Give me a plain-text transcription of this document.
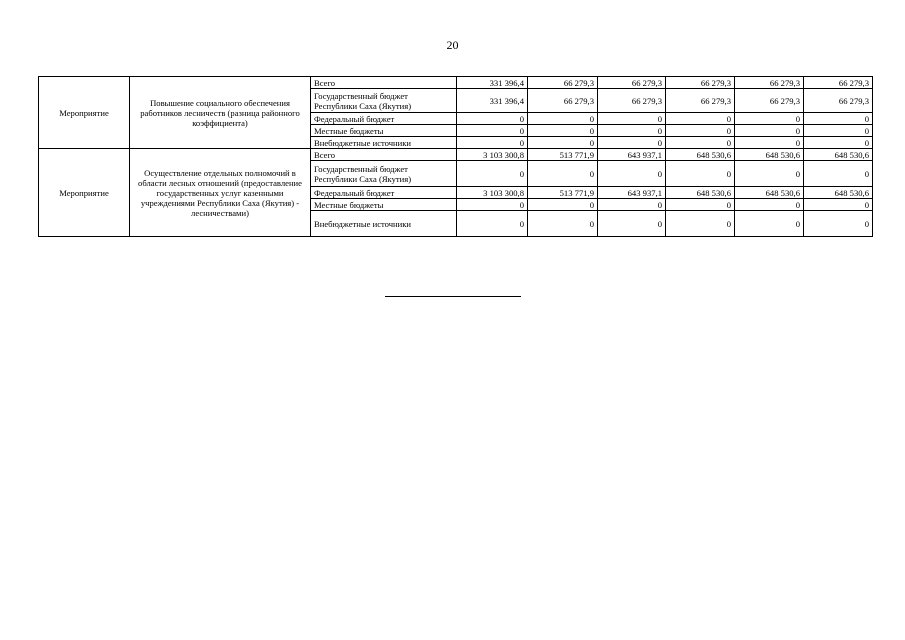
20
Мероприятие	Повышение социального обеспечения работников лесничеств (разница районного коэффициента)	Всего	331 396,4	66 279,3	66 279,3	66 279,3	66 279,3	66 279,3
		Государственный бюджет Республики Саха (Якутия)	331 396,4	66 279,3	66 279,3	66 279,3	66 279,3	66 279,3
		Федеральный бюджет	0	0	0	0	0	0
		Местные бюджеты	0	0	0	0	0	0
		Внебюджетные источники	0	0	0	0	0	0
Мероприятие	Осуществление отдельных полномочий в области лесных отношений (предоставление государственных услуг казенными учреждениями Республики Саха (Якутия) - лесничествами)	Всего	3 103 300,8	513 771,9	643 937,1	648 530,6	648 530,6	648 530,6
		Государственный бюджет Республики Саха (Якутия)	0	0	0	0	0	0
		Федеральный бюджет	3 103 300,8	513 771,9	643 937,1	648 530,6	648 530,6	648 530,6
		Местные бюджеты	0	0	0	0	0	0
		Внебюджетные источники	0	0	0	0	0	0
